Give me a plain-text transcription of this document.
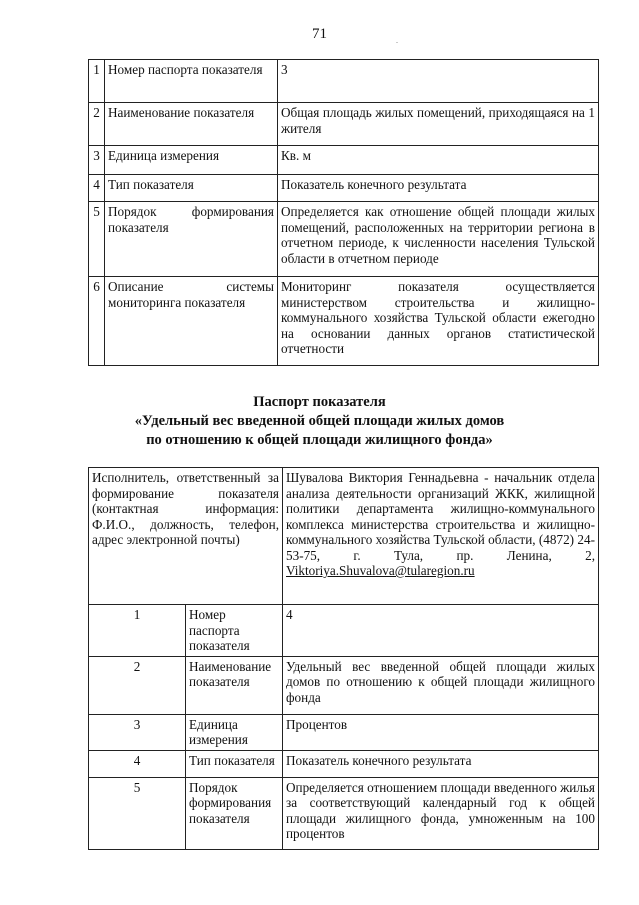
71	.
1	Номер паспорта показателя	3
2	Наименование показателя	Общая площадь жилых помещений, приходящаяся на 1 жителя
3	Единица измерения	Кв. м
4	Тип показателя	Показатель конечного результата
5	Порядок формирования показателя	Определяется как отношение общей площади жилых помещений, расположенных на территории региона в отчетном периоде, к численности населения Тульской области в отчетном периоде
6	Описание системы мониторинга показателя	Мониторинг показателя осуществляется министерством строительства и жилищно-коммунального хозяйства Тульской области ежегодно на основании данных органов статистической отчетности
Паспорт показателя
«Удельный вес введенной общей площади жилых домов
по отношению к общей площади жилищного фонда»
Исполнитель, ответственный за формирование показателя (контактная информация: Ф.И.О., должность, телефон, адрес электронной почты)		Шувалова Виктория Геннадьевна - начальник отдела анализа деятельности организаций ЖКК, жилищной политики департамента жилищно-коммунального комплекса министерства строительства и жилищно-коммунального хозяйства Тульской области, (4872) 24-53-75, г. Тула, пр. Ленина, 2, Viktoriya.Shuvalova@tularegion.ru
1	Номер паспорта показателя	4
2	Наименование показателя	Удельный вес введенной общей площади жилых домов по отношению к общей площади жилищного фонда
3	Единица измерения	Процентов
4	Тип показателя	Показатель конечного результата
5	Порядок формирования показателя	Определяется отношением площади введенного жилья за соответствующий календарный год к общей площади жилищного фонда, умноженным на 100 процентов
